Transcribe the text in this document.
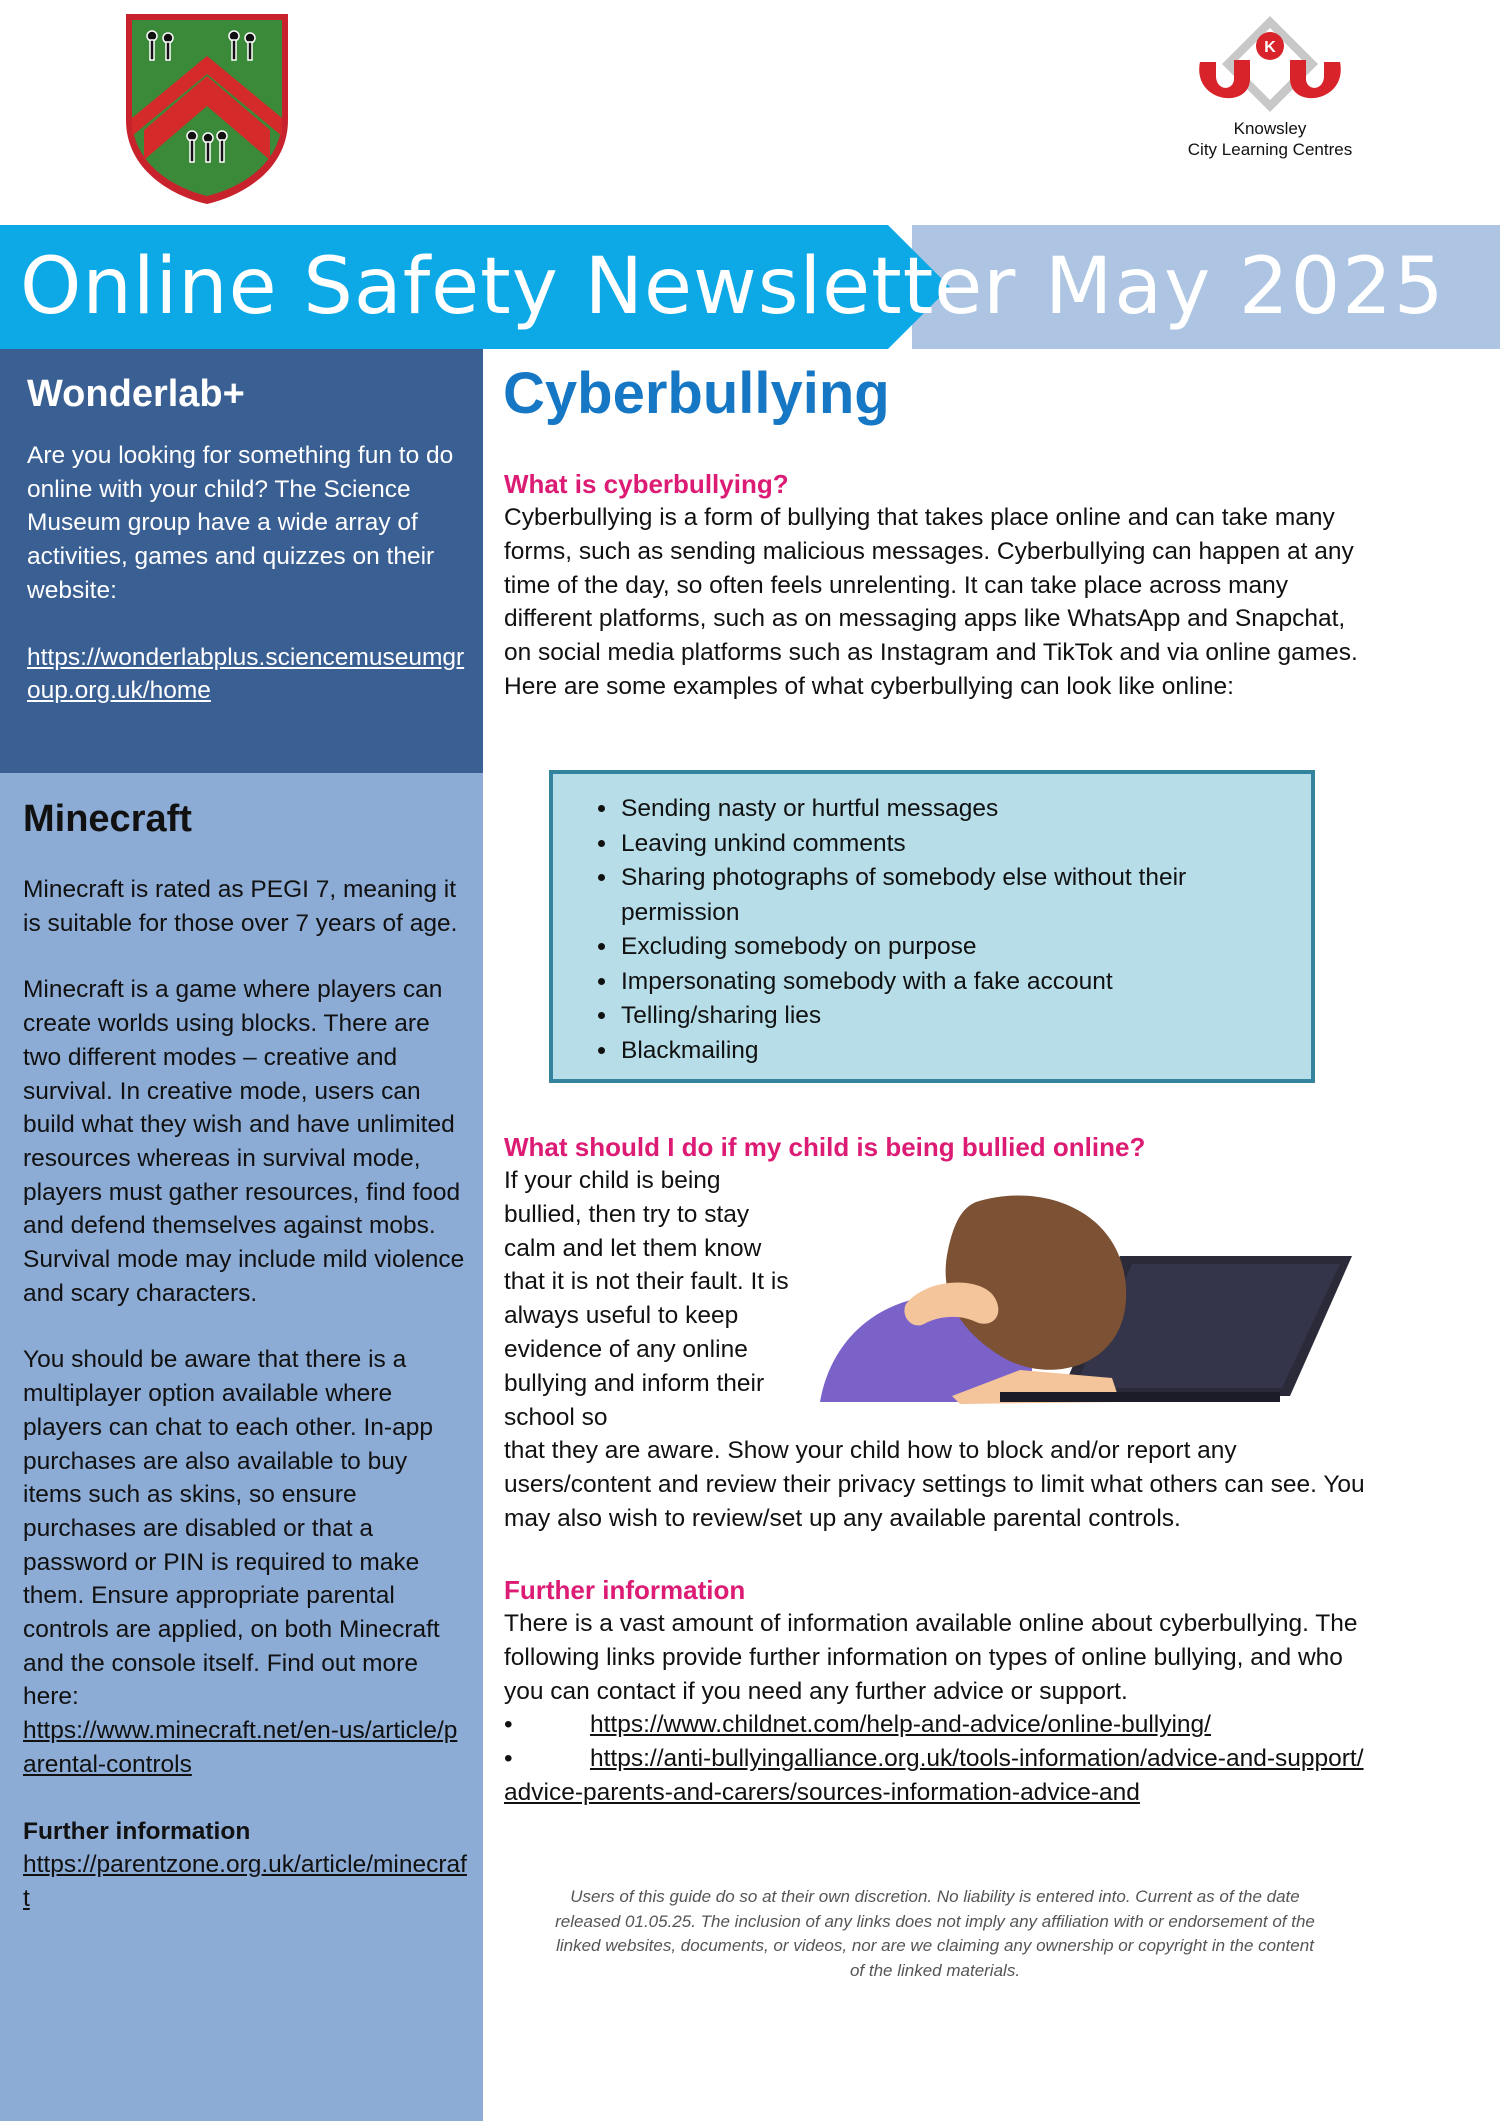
K
Knowsley
City Learning Centres
Online Safety Newsletter May 2025
Wonderlab+

Are you looking for something fun to do online with your child? The Science Museum group have a wide array of activities, games and quizzes on their website:

https://wonderlabplus.sciencemuseumgroup.org.uk/home

Minecraft

Minecraft is rated as PEGI 7, meaning it is suitable for those over 7 years of age.

Minecraft is a game where players can create worlds using blocks. There are two different modes – creative and survival. In creative mode, users can build what they wish and have unlimited resources whereas in survival mode, players must gather resources, find food and defend themselves against mobs. Survival mode may include mild violence and scary characters.

You should be aware that there is a multiplayer option available where players can chat to each other. In-app purchases are also available to buy items such as skins, so ensure purchases are disabled or that a password or PIN is required to make them. Ensure appropriate parental controls are applied, on both Minecraft and the console itself. Find out more here:

https://www.minecraft.net/en-us/article/parental-controls

Further information

https://parentzone.org.uk/article/minecraft

Cyberbullying

What is cyberbullying?

Cyberbullying is a form of bullying that takes place online and can take many forms, such as sending malicious messages. Cyberbullying can happen at any time of the day, so often feels unrelenting. It can take place across many different platforms, such as on messaging apps like WhatsApp and Snapchat, on social media platforms such as Instagram and TikTok and via online games. Here are some examples of what cyberbullying can look like online:

• Sending nasty or hurtful messages
• Leaving unkind comments
• Sharing photographs of somebody else without their permission
• Excluding somebody on purpose
• Impersonating somebody with a fake account
• Telling/sharing lies
• Blackmailing

What should I do if my child is being bullied online?

If your child is being bullied, then try to stay calm and let them know that it is not their fault. It is always useful to keep evidence of any online bullying and inform their school so

that they are aware. Show your child how to block and/or report any users/content and review their privacy settings to limit what others can see. You may also wish to review/set up any available parental controls.

Further information

There is a vast amount of information available online about cyberbullying. The following links provide further information on types of online bullying, and who you can contact if you need any further advice or support.

•	https://www.childnet.com/help-and-advice/online-bullying/
•	https://anti-bullyingalliance.org.uk/tools-information/advice-and-support/advice-parents-and-carers/sources-information-advice-and
Users of this guide do so at their own discretion. No liability is entered into. Current as of the date released 01.05.25. The inclusion of any links does not imply any affiliation with or endorsement of the linked websites, documents, or videos, nor are we claiming any ownership or copyright in the content of the linked materials.
